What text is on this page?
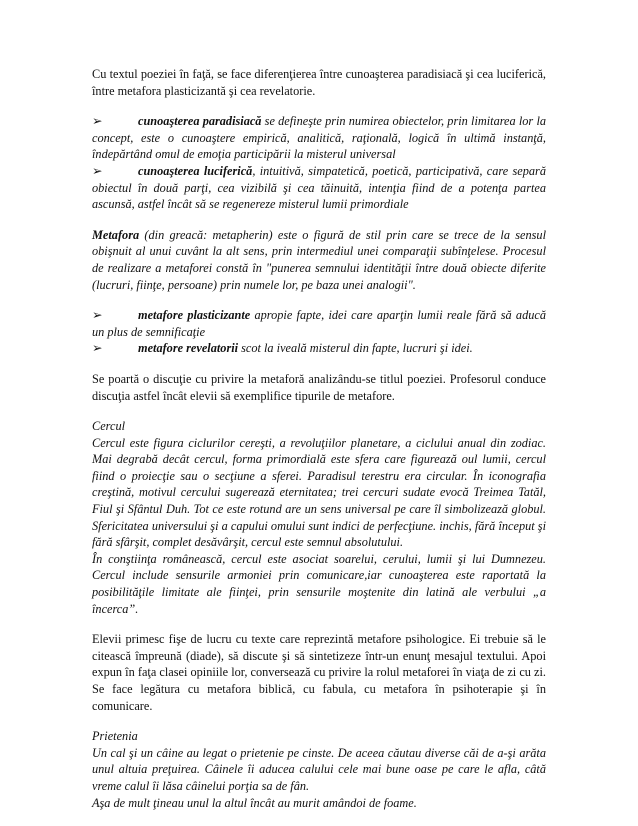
Cu textul poeziei în faţă, se face diferenţierea între cunoaşterea paradisiacă şi cea luciferică, între metafora plasticizantă şi cea revelatorie.

➢	cunoaşterea paradisiacă se defineşte prin numirea obiectelor, prin limitarea lor la concept, este o cunoaştere empirică, analitică, raţională, logică în ultimă instanţă, îndepărtând omul de emoţia participării la misterul universal

➢	cunoaşterea luciferică, intuitivă, simpatetică, poetică, participativă, care separă obiectul în două parţi, cea vizibilă şi cea tăinuită, intenţia fiind de a potenţa partea ascunsă, astfel încât să se regenereze misterul lumii primordiale

Metafora (din greacă: metapherin) este o figură de stil prin care se trece de la sensul obişnuit al unui cuvânt la alt sens, prin intermediul unei comparaţii subînţelese. Procesul de realizare a metaforei constă în "punerea semnului identităţii între două obiecte diferite (lucruri, fiinţe, persoane) prin numele lor, pe baza unei analogii".

➢	metafore plasticizante apropie fapte, idei care aparţin lumii reale fără să aducă un plus de semnificaţie

➢	metafore revelatorii scot la iveală misterul din fapte, lucruri şi idei.

Se poartă o discuţie cu privire la metaforă analizându-se titlul poeziei. Profesorul conduce discuţia astfel încât elevii să exemplifice tipurile de metafore.

Cercul
Cercul este figura ciclurilor cereşti, a revoluţiilor planetare, a ciclului anual din zodiac. Mai degrabă decât cercul, forma primordială este sfera care figurează oul lumii, cercul fiind o proiecţie sau o secţiune a sferei. Paradisul terestru era circular. În iconografia creştină, motivul cercului sugerează eternitatea; trei cercuri sudate evocă Treimea Tatăl, Fiul şi Sfântul Duh. Tot ce este rotund are un sens universal pe care îl simbolizează globul. Sfericitatea universului şi a capului omului sunt indici de perfecţiune. inchis, fără început şi fără sfârşit, complet desăvârşit, cercul este semnul absolutului.
În conştiinţa românească, cercul este asociat soarelui, cerului, lumii şi lui Dumnezeu. Cercul include sensurile armoniei prin comunicare,iar cunoaşterea este raportată la posibilităţile limitate ale fiinţei, prin sensurile moştenite din latină ale verbului „a încerca”.

Elevii primesc fişe de lucru cu texte care reprezintă metafore psihologice. Ei trebuie să le citească împreună (diade), să discute şi să sintetizeze într-un enunţ mesajul textului. Apoi expun în faţa clasei opiniile lor, conversează cu privire la rolul metaforei în viaţa de zi cu zi. Se face legătura cu metafora biblică, cu fabula, cu metafora în psihoterapie şi în comunicare.

Prietenia
Un cal şi un câine au legat o prietenie pe cinste. De aceea căutau diverse căi de a-şi arăta unul altuia preţuirea. Câinele îi aducea calului cele mai bune oase pe care le afla, câtă vreme calul îi lăsa câinelui porţia sa de fân.
Aşa de mult ţineau unul la altul încât au murit amândoi de foame.
